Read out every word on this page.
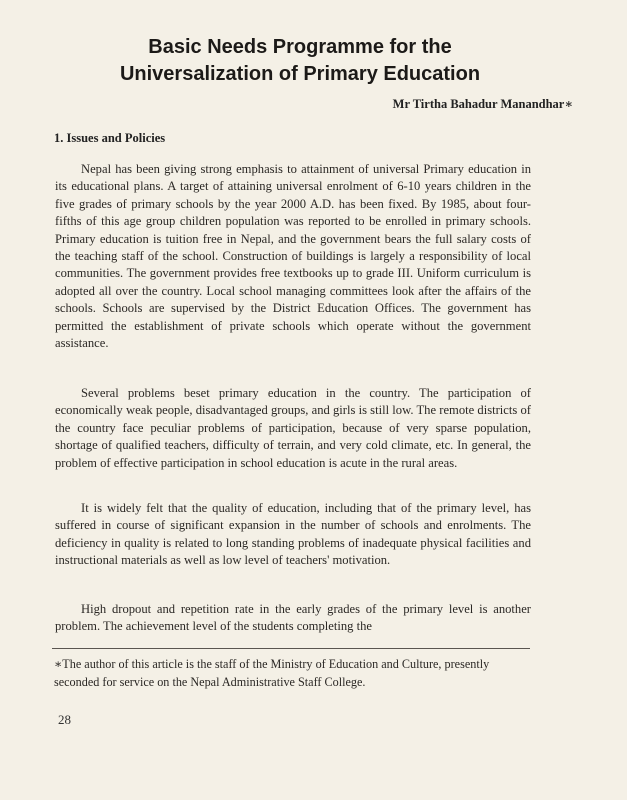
Basic Needs Programme for the
Universalization of Primary Education
Mr Tirtha Bahadur Manandhar∗
1. Issues and Policies

Nepal has been giving strong emphasis to attainment of universal Primary education in its educational plans. A target of attaining universal enrolment of 6-10 years children in the five grades of primary schools by the year 2000 A.D. has been fixed. By 1985, about four-fifths of this age group children population was reported to be enrolled in primary schools. Primary education is tuition free in Nepal, and the government bears the full salary costs of the teaching staff of the school. Construction of buildings is largely a responsibility of local communities. The government provides free textbooks up to grade III. Uniform curriculum is adopted all over the country. Local school managing committees look after the affairs of the schools. Schools are supervised by the District Education Offices. The government has permitted the establishment of private schools which operate without the government assistance.

Several problems beset primary education in the country. The participation of economically weak people, disadvantaged groups, and girls is still low. The remote districts of the country face peculiar problems of participation, because of very sparse population, shortage of qualified teachers, difficulty of terrain, and very cold climate, etc. In general, the problem of effective participation in school education is acute in the rural areas.

It is widely felt that the quality of education, including that of the primary level, has suffered in course of significant expansion in the number of schools and enrolments. The deficiency in quality is related to long standing problems of inadequate physical facilities and instructional materials as well as low level of teachers' motivation.

High dropout and repetition rate in the early grades of the primary level is another problem. The achievement level of the students completing the

∗The author of this article is the staff of the Ministry of Education and Culture, presently seconded for service on the Nepal Administrative Staff College.
28
